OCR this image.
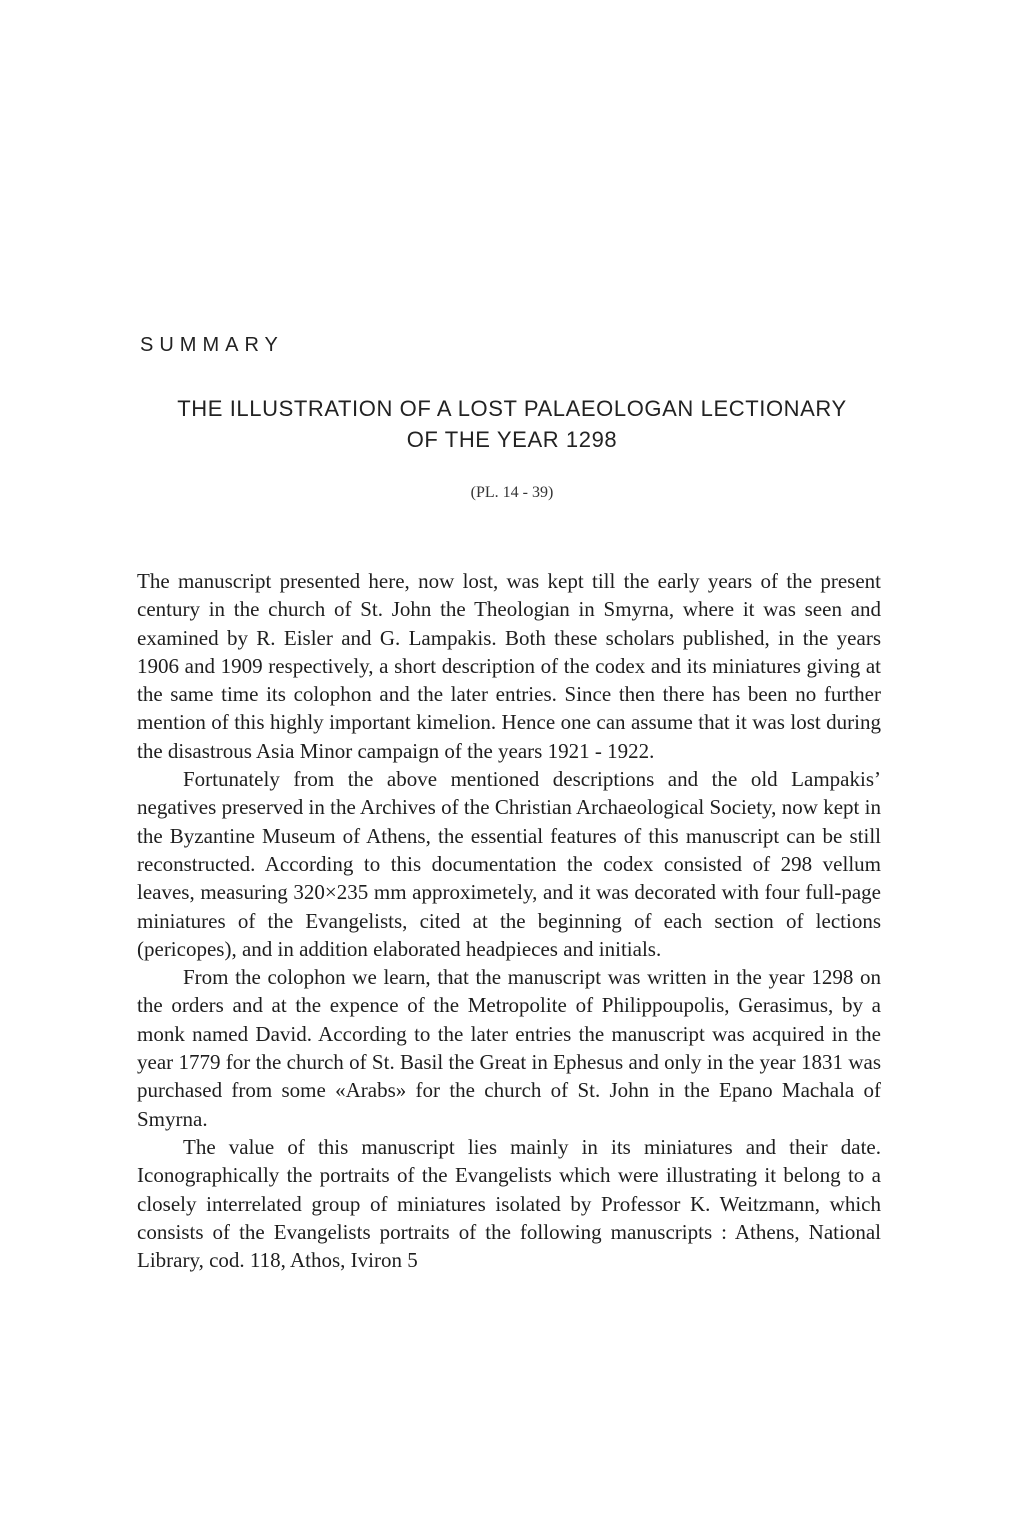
SUMMARY
THE ILLUSTRATION OF A LOST PALAEOLOGAN LECTIONARY
OF THE YEAR 1298
(PL. 14 - 39)

The manuscript presented here, now lost, was kept till the early years of the present century in the church of St. John the Theologian in Smyrna, where it was seen and examined by R. Eisler and G. Lampakis. Both these scholars published, in the years 1906 and 1909 respectively, a short description of the codex and its miniatures giving at the same time its colophon and the later entries. Since then there has been no further mention of this highly important kimelion. Hence one can assume that it was lost during the disastrous Asia Minor campaign of the years 1921 - 1922.

Fortunately from the above mentioned descriptions and the old Lampakis’ negatives preserved in the Archives of the Christian Archaeological Society, now kept in the Byzantine Museum of Athens, the essential features of this manuscript can be still reconstructed. According to this documentation the codex consisted of 298 vellum leaves, measuring 320×235 mm approximetely, and it was decorated with four full-page miniatures of the Evangelists, cited at the beginning of each section of lections (pericopes), and in addition elaborated headpieces and initials.

From the colophon we learn, that the manuscript was written in the year 1298 on the orders and at the expence of the Metropolite of Philippoupolis, Gerasimus, by a monk named David. According to the later entries the manuscript was acquired in the year 1779 for the church of St. Basil the Great in Ephesus and only in the year 1831 was purchased from some «Arabs» for the church of St. John in the Epano Machala of Smyrna.

The value of this manuscript lies mainly in its miniatures and their date. Iconographically the portraits of the Evangelists which were illustrating it belong to a closely interrelated group of miniatures isolated by Professor K. Weitzmann, which consists of the Evangelists portraits of the following manuscripts : Athens, National Library, cod. 118, Athos, Iviron 5
